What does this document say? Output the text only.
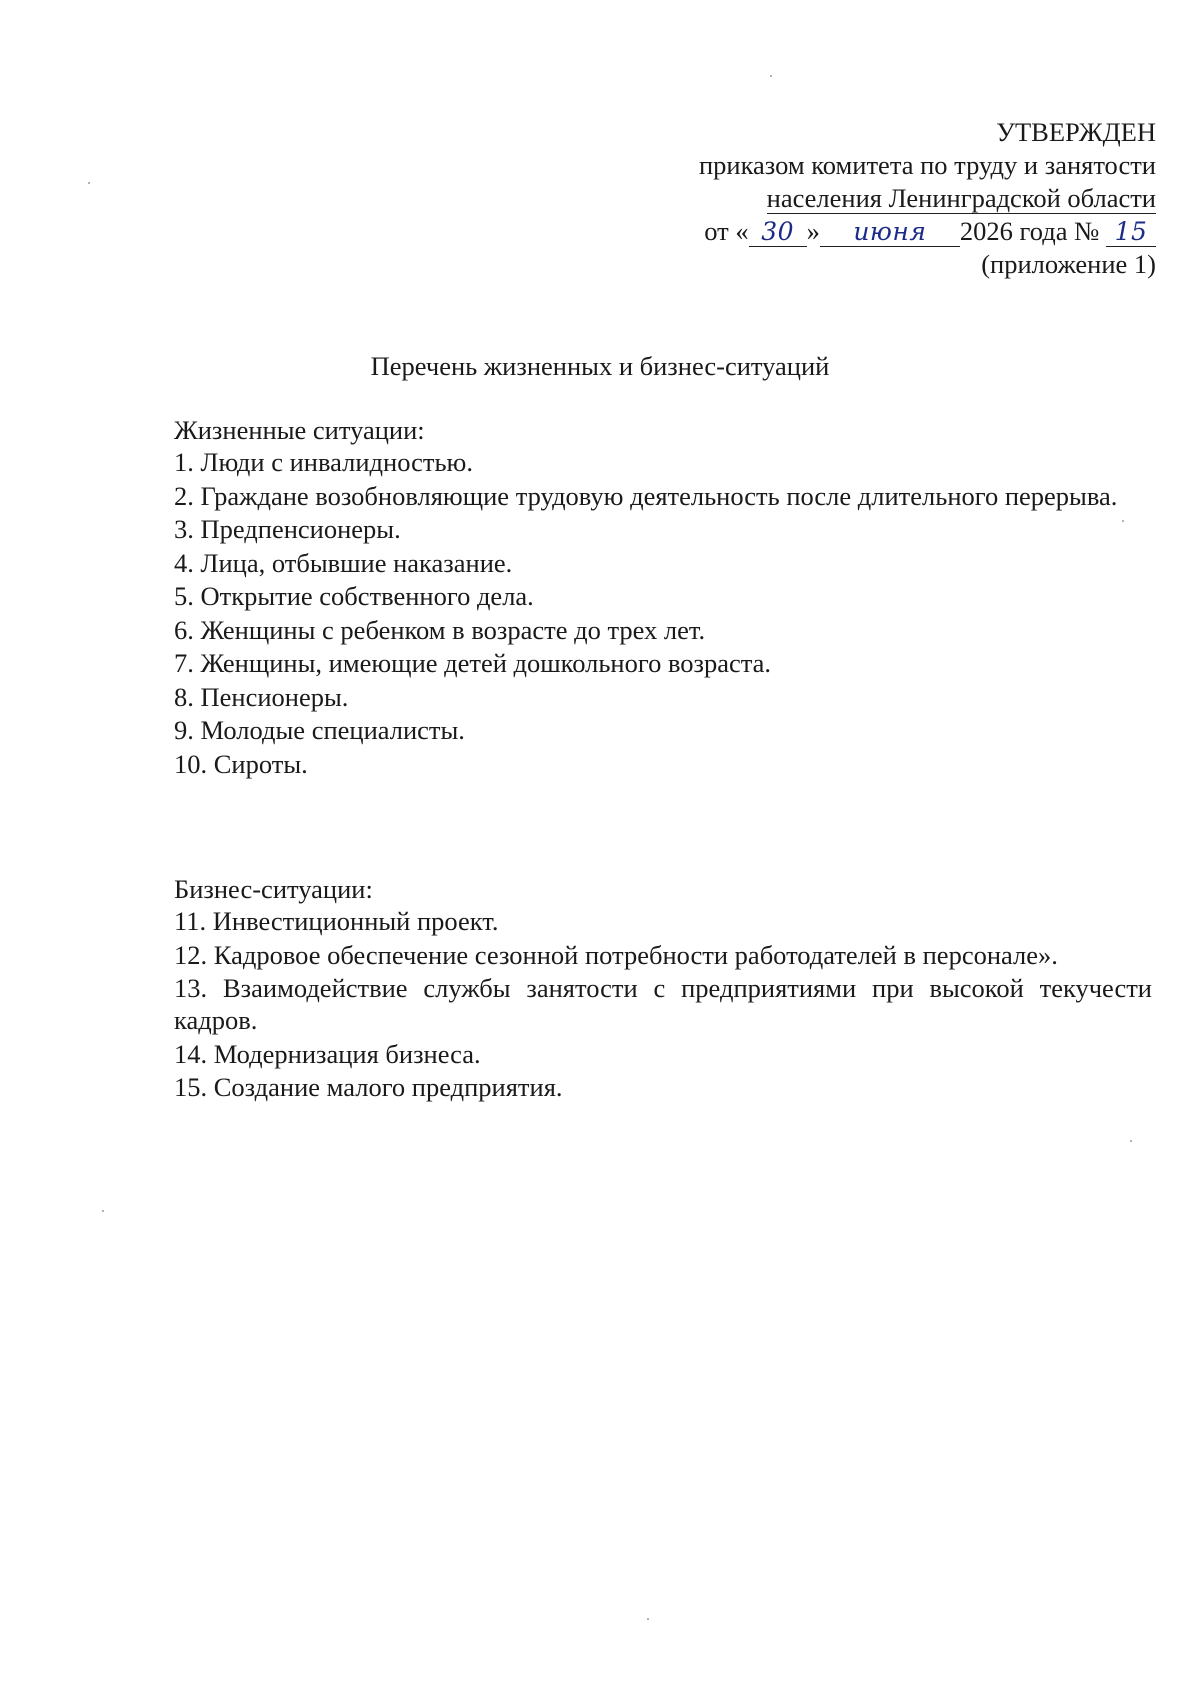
УТВЕРЖДЕН
приказом комитета по труду и занятости
населения Ленинградской области
от « 30 » июня 2026 года № 15
(приложение 1)
Перечень жизненных и бизнес-ситуаций

Жизненные ситуации:

1. Люди с инвалидностью.
2. Граждане возобновляющие трудовую деятельность после длительного перерыва.
3. Предпенсионеры.
4. Лица, отбывшие наказание.
5. Открытие собственного дела.
6. Женщины с ребенком в возрасте до трех лет.
7. Женщины, имеющие детей дошкольного возраста.
8. Пенсионеры.
9. Молодые специалисты.
10. Сироты.

Бизнес-ситуации:

11. Инвестиционный проект.
12. Кадровое обеспечение сезонной потребности работодателей в персонале».
13. Взаимодействие службы занятости с предприятиями при высокой текучести кадров.
14. Модернизация бизнеса.
15. Создание малого предприятия.
